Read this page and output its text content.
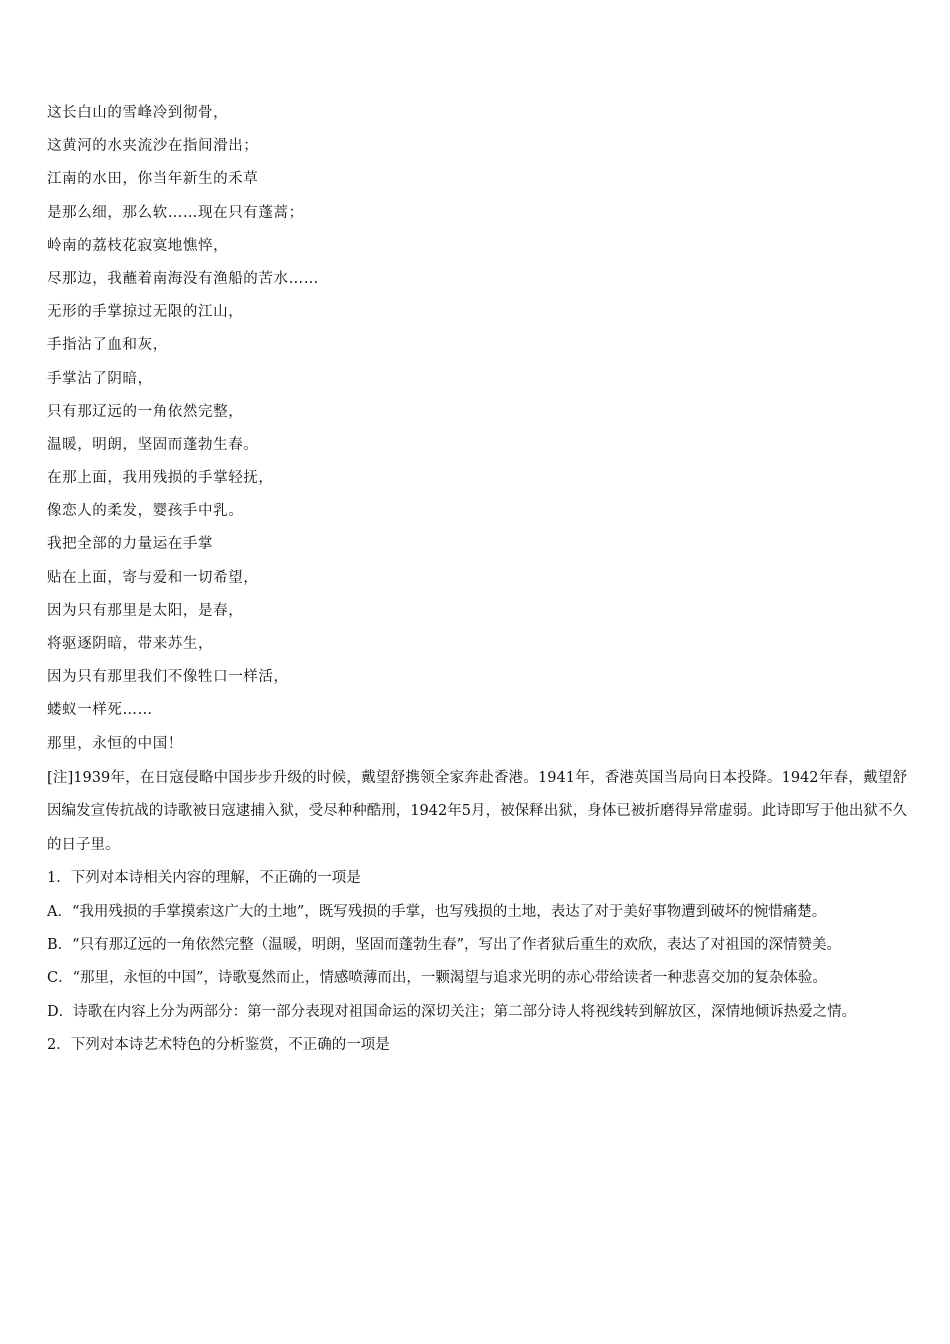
这长白山的雪峰冷到彻骨，
这黄河的水夹流沙在指间滑出；
江南的水田，你当年新生的禾草
是那么细，那么软……现在只有蓬蒿；
岭南的荔枝花寂寞地憔悴，
尽那边，我蘸着南海没有渔船的苦水……
无形的手掌掠过无限的江山，
手指沾了血和灰，
手掌沾了阴暗，
只有那辽远的一角依然完整，
温暖，明朗，坚固而蓬勃生春。
在那上面，我用残损的手掌轻抚，
像恋人的柔发，婴孩手中乳。
我把全部的力量运在手掌
贴在上面，寄与爱和一切希望，
因为只有那里是太阳，是春，
将驱逐阴暗，带来苏生，
因为只有那里我们不像牲口一样活，
蝼蚁一样死……
那里，永恒的中国！
[注]1939年，在日寇侵略中国步步升级的时候，戴望舒携领全家奔赴香港。1941年，香港英国当局向日本投降。1942年春，戴望舒因编发宣传抗战的诗歌被日寇逮捕入狱，受尽种种酷刑，1942年5月，被保释出狱，身体已被折磨得异常虚弱。此诗即写于他出狱不久的日子里。
1．下列对本诗相关内容的理解，不正确的一项是
A．“我用残损的手掌摸索这广大的土地”，既写残损的手掌，也写残损的土地，表达了对于美好事物遭到破坏的惋惜痛楚。
B．“只有那辽远的一角依然完整（温暖，明朗，坚固而蓬勃生春”，写出了作者狱后重生的欢欣，表达了对祖国的深情赞美。
C．“那里，永恒的中国”，诗歌戛然而止，情感喷薄而出，一颗渴望与追求光明的赤心带给读者一种悲喜交加的复杂体验。
D．诗歌在内容上分为两部分：第一部分表现对祖国命运的深切关注；第二部分诗人将视线转到解放区，深情地倾诉热爱之情。
2．下列对本诗艺术特色的分析鉴赏，不正确的一项是
